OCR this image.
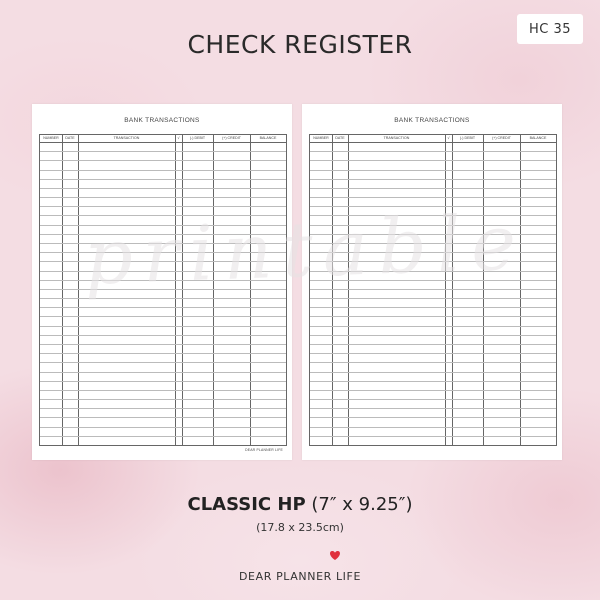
HC 35
CHECK REGISTER
BANK TRANSACTIONS
NUMBER	DATE	TRANSACTION	√	(-) DEBIT	(+) CREDIT	BALANCE
DEAR PLANNER LIFE
BANK TRANSACTIONS
NUMBER	DATE	TRANSACTION	√	(-) DEBIT	(+) CREDIT	BALANCE
printable
CLASSIC HP (7″ x 9.25″)
(17.8 x 23.5cm)
DEAR PLANNER LIFE
